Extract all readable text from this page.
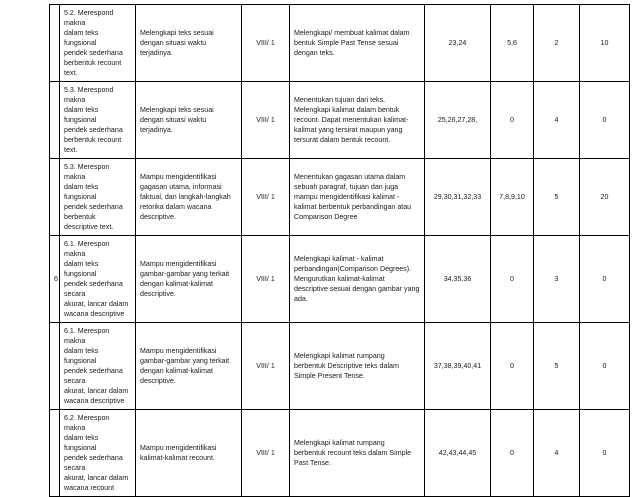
	5.2. Merespond makna
dalam teks fungsional
pendek sederhana
berbentuk recount text.	Melengkapi teks sesuai
dengan situasi waktu
terjadinya.	VIII/ 1	Melengkapi/ membuat kalimat dalam
bentuk Simple Past Tense sesuai
dengan teks.	23,24	5,6	2	10
	5.3. Merespond makna
dalam teks fungsional
pendek sederhana
berbentuk recount text.	Melengkapi teks sesuai
dengan situasi waktu
terjadinya.	VIII/ 1	Menentukan tujuan dari teks.
Melengkapi kalimat dalam bentuk
recount. Dapat menentukan kalimat-
kalimat yang tersirat maupun yang
tersurat dalam bentuk recount.	25,26,27,28,	0	4	0
	5.3. Merespon makna
dalam teks fungsional
pendek sederhana
berbentuk descriptive text.	Mampu mengidentifikasi
gagasan utama, informasi
faktual, dan langkah-langkah
retorika dalam wacana
descriptive.	VIII/ 1	Menentukan gagasan utama dalam
sebuah paragraf, tujuan dan juga
mampu mengidentifikasi kalimat -
kalimat berbentuk perbandingan atau
Comparison Degree	29,30,31,32,33	7,8,9,10	5	20
6	6.1. Merespon makna
dalam teks fungsional
pendek sederhana secara
akurat, lancar dalam
wacana descriptive	Mampu mengidentifikasi
gambar-gambar yang terkait
dengan kalimat-kalimat
descriptive.	VIII/ 1	Melengkapi kalimat - kalimat
perbandingan(Comparison Degrees).
Mengurutkan kalimat-kalimat
descriptive sesuai dengan gambar yang
ada.	34,35,36	0	3	0
	6.1. Merespon makna
dalam teks fungsional
pendek sederhana secara
akurat, lancar dalam
wacana descriptive	Mampu mengidentifikasi
gambar-gambar yang terkait
dengan kalimat-kalimat
descriptive.	VIII/ 1	Melengkapi kalimat rumpang
berbentuk Descriptive teks dalam
Simple Present Tense.	37,38,39,40,41	0	5	0
	6.2. Merespon makna
dalam teks fungsional
pendek sederhana secara
akurat, lancar dalam
wacana recount	Mampu mengidentifikasi
kalimat-kalimat recount.	VIII/ 1	Melengkapi kalimat rumpang
berbentuk recount teks dalam Simple
Past Tense.	42,43,44,45	0	4	0
